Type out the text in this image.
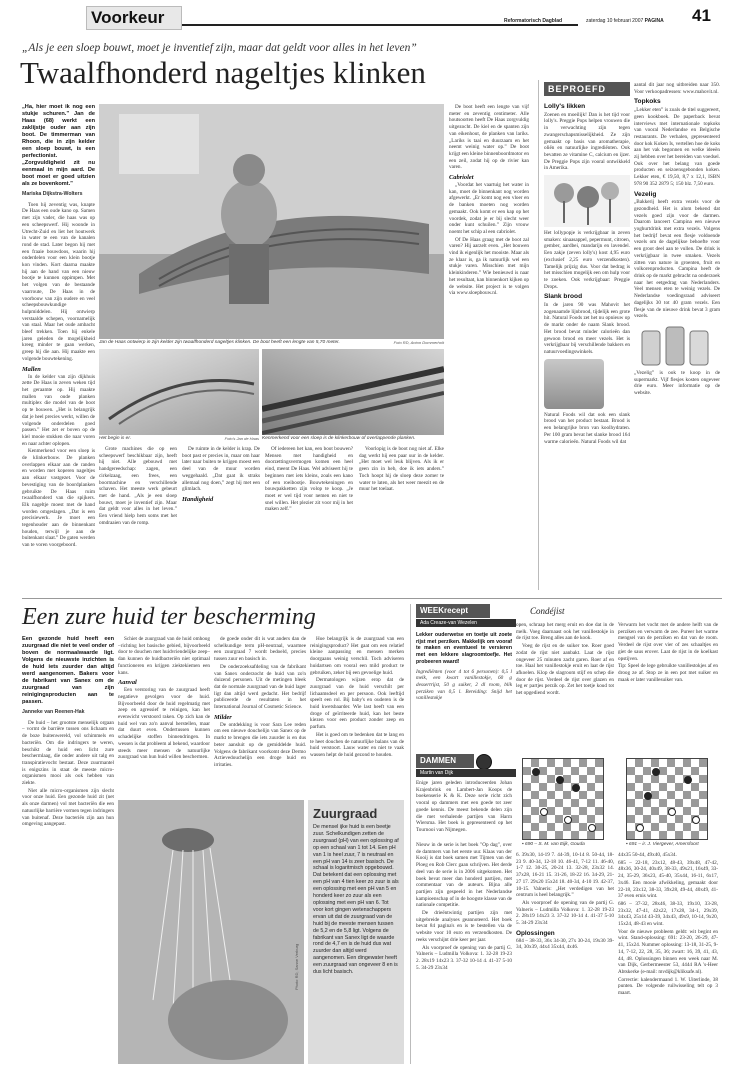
Voorkeur	Reformatorisch Dagblad	zaterdag 10 februari 2007 PAGINA 41
„Als je een sloep bouwt, moet je inventief zijn, maar dat geldt voor alles in het leven”
Twaalfhonderd nageltjes klinken
„Ha, hier moet ik nog een stukje schuren.” Jan de Haas (68) werkt een zaklijstje ouder aan zijn boot. De timmerman van Rhoon, die in zijn kelder een sloep bouwt, is een perfectionist. „Zorgvuldigheid zit nu eenmaal in mijn aard. De boot moet er goed uitzien als ze bovenkomt.”
Mariska Dijkstra-Wolters

Toen hij zeventig was, knapte De Haas een oude kano op. Samen met zijn vader, die haas was op een scheepswerf. Hij woonde in Utrecht-Zuid en liet het houtwerk in water te een van de kanalen rond de stad. Later begon hij met een fraaie bouwdoos, waarin hij onderdelen voor een klein bootje kon vinden. Kort daarna maakte hij aan de hand van een nieuw bootje te kunnen oppimpen. Met het volgen van de bestaande vaarroute, De Haas in de voorbouw van zijn oudere en veel scheepsbouwkundige hulpmiddelen. Hij ontwierp verstaalde schepen, voornamelijk van staal. Maar het oude ambacht bleef trekken. Toen hij enkele jaren geleden de mogelijkheid kreeg minder te gaan werken, greep hij die aan. Hij maakte een volgende bouwtekening.

Mallen

In de kelder van zijn dijkhuis zette De Haas in zeven weken tijd het geraamte op. Hij maakte mallen van oude planken multiplex die model van de boot op te bouwen. „Het is belangrijk dat je heel precies werkt, willen de volgende onderdelen goed passen.” Het zet er boven op de kiel mooie stukken die naar voren en naar achter oplopen.

Kenmerkend voor een sloep is de klinkerbouw. De planken overlappen elkaar aan de randen en worden met koperen nageltjes aan elkaar vastgezet. Voor de bevestiging van de boordplanken gebruikte De Haas ruim twaalfhonderd van die spijkers. Elk nageltje moest met de hand worden omgeslagen. „Dat is een precisiewerk. Je moet een tegenhouder aan de binnenkant houden, terwijl je aan de buitenkant slaat.” De gaten werden van te voren voorgeboord.

Jan de Haas ontwierp in zijn kelder zijn twaalfhonderd nageltjes klinken. De boot heeft een lengte van 5,70 meter.	Foto RD, Anton Dommerholt
Het begin is er.	Foto's Jan de Haas Kenmerkend voor een sloep is de klinkerbouw of overlappende planken.

Grote machines die op een scheepswerf beschikbaar zijn, heeft hij niet. Alle gebouwd met handgereedschap: zagen, een cirkelzaag, een frees, een boormachine en verschillende schaven. Het meeste werk gebeurt met de hand. „Als je een sloep bouwt, moet je inventief zijn. Maar dat geldt voor alles in het leven.” Een vriend hielp hem soms met het omdraaien van de romp.

De ruimte in de kelder is krap. De boot past er precies in, maar om haar later naar buiten te krijgen moest een deel van de muur worden weggehaald. „Dat gaat ik straks allemaal nog doen,” zegt hij met een glimlach.

Handigheid

Of iedereen het kan, een boot bouwen? Mensen met handigheid en doorzettingsvermogen komen een heel eind, meent De Haas. Wel adviseert hij te beginnen met iets kleins, zoals een kano of een roeibootje. Bouwtekeningen en bouwpakketten zijn volop te koop. „Je moet er wel tijd voor nemen en niet te snel willen. Het plezier zit voor mij in het maken zelf.”

Voorlopig is de boot nog niet af. Elke dag werkt hij een paar uur in de kelder. „Het moet wel leuk blijven. Als ik er geen zin in heb, doe ik iets anders.” Toch hoopt hij de sloep deze zomer te water te laten, als het weer meezit en de muur het toelaat.

De boot heeft een lengte van vijf meter en zeventig centimeter. Alle houtsoorten heeft De Haas zorgvuldig uitgezocht. De kiel en de spanten zijn van eikenhout, de planken van lariks. „Lariks is taai en duurzaam en het neemt weinig water op.” De boot krijgt een kleine binnenboordmotor en een zeil, zodat hij op de rivier kan varen.

Cabriolet

„Voordat het vaartuig het water in kan, moet de binnenkant nog worden afgewerkt. „Er komt nog een vloer en de banken moeten nog worden gemaakt. Ook komt er een kap op het voordek, zodat je er bij slecht weer onder kunt schuilen.” Zijn vrouw noemt het schip al een cabriolet.

Of De Haas graag met de boot zal varen? Hij aarzelt even. „Het bouwen vind ik eigenlijk het mooiste. Maar als ze klaar is, ga ik natuurlijk wel een stukje varen. Misschien met mijn kleinkinderen.” Wie benieuwd is naar het resultaat, kan binnenkort kijken op de website. Het project is te volgen via www.sloepbouw.nl.

BEPROEFD
Lolly's likken

Zoenen en moeilijk! Dan is het tijd voor lolly's. Preggie Pops helpen vrouwen die in verwachting zijn tegen zwangerschapsmisselijkheid. Ze zijn gemaakt op basis van aromatherapie, oliën en natuurlijke ingrediënten. Ook bevatten ze vitamine C, calcium en ijzer. De Preggie Pops zijn vooral ontwikkeld in Amerika.

Het lollypopje is verkrijgbaar in zeven smaken: sinaasappel, pepermunt, citroen, gember, aardbei, mandarijn en lavendel. Een zakje (zeven lolly's) kost 4,95 euro (exclusief 2,25 euro verzendkosten). Tamelijk prijzig dus. Voor dat bedrag is het misschien mogelijk een om hulp voor te zoeken. Ook verkrijgbaar: Preggie Drops.

Slank brood

In de jaren 90 was Mahovit het zogenaamde lijnbrood, tijdelijk een grote hit. Natural Foods zet het nu opnieuw op de markt onder de naam Slank brood. Het brood bevat minder calorieën dan gewoon brood en meer vezels. Het is verkrijgbaar bij verschillende bakkers en natuurvoedingswinkels.

Natural Foods wil dat ook een slank brood van het product bestaat. Brood is een belangrijke bron van koolhydraten. Per 100 gram bevat het slanke brood 164 warme calorieën. Natural Foods wil dat

aantal dit jaar nog uitbreiden naar 350. Voor verkoopadressen: www.mahovit.nl.

Topkoks

„Lekker eten” is zoals de titel suggereert, geen kookboek. De paperback bevat interviews met internationale topkoks van vooral Nederlandse en Belgische restaurants. De verhalen, gepresenteerd door kok Koken Is, vertellen hoe de koks aan het vak begonnen en welke ideeën zij hebben over het bereiden van voedsel. Ook over het belang van goede producten en seizoensgebonden koken. Lekker eten, € 19,50, 8,7 x 12,1, ISBN 978 90 352 2879 5; 150 blz. 7,50 euro.

Vezelig

„Bakkerij heeft extra vezels voor de gezondheid. Het is alom bekend dat vezels goed zijn voor de darmen. Daarom lanceert Campina een nieuwe yoghurtdrink met extra vezels. Volgens het bedrijf bevat een flesje voldoende vezels om de dagelijkse behoefte voor een groot deel aan te vullen. De drink is verkrijgbaar in twee smaken. Vezels zitten van nature in groenten, fruit en volkorenproducten. Campina heeft de drink op de markt gebracht na onderzoek naar het eetgedrag van Nederlanders. Veel mensen eten te weinig vezels. De Nederlandse voedingsraad adviseert dagelijks 30 tot 40 gram vezels. Een flesje van de nieuwe drink bevat 3 gram vezels.

„Vezelig” is ook te koop in de supermarkt. Vijf flesjes kosten ongeveer drie euro. Meer informatie op de website.

Een zure huid ter bescherming
Een gezonde huid heeft een zuurgraad die niet te veel onder of boven de normaalwaarde ligt. Volgens de nieuwste inzichten is de huid iets zuurder dan altijd werd aangenomen. Bakers voor de fabrikant van Sanex om de zuurgraad van zijn reinigingsproducten aan te passen.
Janneke van Reenen-Hak

De huid – het grootste menselijk orgaan – vormt de barrière tussen ons lichaam en de boze buitenwereld, vol schimmels en bacteriën. Om die indringers te weren, beschikt de huid een licht zure beschermlaag, die onder andere uit talg en transpiratievocht bestaat. Deze zuurmantel is enigszins in staat de meeste micro-organismen mooi als ook hebben van ziekte.

Niet alle micro-organismen zijn slecht voor onze huid. Een gezonde huid zit (net als onze darmen) vol met bacteriën die een natuurlijke barrière vormen tegen indringers van buitenaf. Deze bacteriën zijn aan hun omgeving aangepast.

Schiet de zuurgraad van de huid omhoog –richting het basische gebied, bijvoorbeeld door te douchen met huidvriendelijke zeep– dan kunnen de huidbacteriën niet optimaal functioneren en krijgen ziektekiemen een kans.

Aanval

Een verstoring van de zuurgraad heeft negatieve gevolgen voor de huid. Bijvoorbeeld door de huid regelmatig met zeep en agressief te reinigen, kan het evenwicht verstoord raken. Op zich kan de huid wel van zo'n aanval herstellen, maar dat duurt even. Ondertussen kunnen schadelijke stoffen binnendringen. In wessen is dat probleem al bekend, waardoor steeds meer mensen de natuurlijke zuurgraad van hun huid willen beschermen.

de goede onder dit is wat anders dan de schelkundige term pH-neutraal, waarmee een zuurgraad 7 wordt bedoeld, precies tussen zuur en basisch in.

De onderzoeksafdeling van de fabrikant van Sanex onderzocht de huid van zo'n duizend personen. Uit de metingen bleek dat de normale zuurgraad van de huid lager ligt dan altijd werd gedacht. Het bedrijf publiceerde de resultaten in het International Journal of Cosmetic Science.

Milder

De ontdekking is voor Sara Lee reden om een nieuwe douchelijn van Sanex op de markt te brengen die iets zuurder is en dus beter aansluit op de gemiddelde huid. Volgens de fabrikant voorkomt deze Dermo Actievedouchelijn een droge huid en irritaties.

Hoe belangrijk is de zuurgraad van een reinigingsproduct? Het gaat om een relatief kleine aanpassing en mensen merken doorgaans weinig verschil. Toch adviseren huidartsen om vooral een mild product te gebruiken, zeker bij een gevoelige huid.

Dermatologen wijzen erop dat de zuurgraad van de huid verschilt per lichaamsdeel en per persoon. Ook leeftijd speelt een rol. Bij baby's en ouderen is de huid kwetsbaarder. Wie last heeft van een droge of geïrriteerde huid, kan het beste kiezen voor een product zonder zeep en parfum.

Het is goed om te bedenken dat te lang en te heet douchen de natuurlijke balans van de huid verstoort. Lauw water en niet te vaak wassen helpt de huid gezond te houden.

Photo RD, Sanne Verburg
Zuurgraad
De mensel ijke huid is een beetje zuur. Schelkundigen zetten de zuurgraad (pH) van een oplossing af op een schaal van 1 tot 14. Een pH van 1 is heel zuur, 7 is neutraal en een pH van 14 is zeer basisch. De schaal is logaritmisch opgebouwd. Dat betekent dat een oplossing met een pH van 4 tien keer zo zuur is als een oplossing met een pH van 5 en honderd keer zo zuur als een oplossing met een pH van 6. Tot voor kort gingen wetenschappers ervan uit dat de zuurgraad van de huid bij de meeste mensen tussen de 5,2 en de 5,8 ligt. Volgens de fabrikant van Sanex ligt de waarde rond de 4,7 en is de huid dus wat zuurder dan altijd werd aangenomen. Een dingewater heeft een zuurgraad van ongeveer 8 en is dus licht basisch.
WEEKrecept
Ada Creaze-van Wezelen
Condéjist
Lekker ouderwetse en toetje uit zoete rijst met perziken. Makkelijk om vooraf te maken en eventueel te versieren met een lekkere slagroomtoefje. Het probeeren waard!

Ingrediënten (voor 4 tot 6 personen): 0,5 l melk, een kwart vanillestokje, 60 g dessertrijst, 50 g suiker, 2 dl room, blik perziken van 0,5 l. Bereiding: Snijd het vanillestokje

open, schraap het merg eruit en doe dat in de melk. Voeg daarnaast ook het vanillestokje in de rijst toe. Breng alles aan de kook.

Voeg de rijst en de suiker toe. Roer goed zodat de rijst niet aanbakt. Laat de rijst ongeveer 25 minuten zacht garen. Roer af en toe. Haal het vanillestokje eruit en laat de rijst afkoelen. Klop de slagroom stijf en schep die door de rijst. Verdeel de rijst over glazen en leg er partjes perzik op. Zet het toetje koud tot het opgediend wordt.

Verwarm het vocht met de andere helft van de perziken en verwarm de zee. Pureer het warme mengsel van de perziken en dat van de room. Verdeel de rijst over vier of zes schaaltjes en giet de saus erover. Laat de rijst in de koelkast opstijven.

Tip: Speel de lege gebruikte vanillestokjes af en droog ze af. Stop ze in een pot met suiker en maak er later vanillesuiker van.

DAMMEN
Martin van Dijk

Enige jaren geleden introduceerden Johan Krajenbrink en Lambert-Jan Koops de boekenserie K & K. Deze serie richt zich vooral op dammers met een goede tot zeer goede kennis. De meest bekende delen zijn die met verhalende partijen van Harm Wiersma. Het boek is gepresenteerd op het Tournooi van Nijmegen.

▪ 690 – S. M. van Eijk, Gouda	▪ 691 – ir. J. Viergever, Amersfoort

Nieuw in de serie is het boek "Op dag", over de dammers van het eerste uur. Klaas van der Kooij is dat boek samen met Tijmen van der Ploeg en Rob Clerc gaan schrijven. Het derde deel van de serie is in 2006 uitgekomen. Het boek bevat meer dan honderd partijen, met commentaar van de auteurs. Bijna alle partijen zijn gespeeld in het Nederlandse kampioenschap of in de hoogste klasse van de nationale competitie.

De drieëntwintig partijen zijn met uitgebreide analyses geannoteerd. Het boek bevat 84 pagina's en is te bestellen via de website voor 10 euro en verzendkosten. De reeks verschijnt drie keer per jaar.

Als voorproef de opening van de partij G. Valneris – Ludmilla Volkova: 1. 32-28 19-23 2. 28x19 14x23 3. 37-32 10-14 4. 41-37 5-10 5. 34-29 23x34

6. 39x30, 14-19 7. 44-39, 10-14 8. 50-44, 18-23 9. 40-34, 12-18 10. 46-41, 7-12 11. 46-40, 1-7 12. 30-25, 20-24 13. 32-28, 23x32 14. 37x28, 16-21 15. 31-26, 18-22 16. 34-29, 21-27 17. 29x20 15x24 18. 40-34, 4-10 19. 42-37, 10-15. Valneris: „Het verdedigen van het centrum is heel belangrijk.”

Als voorproef de opening van de partij G. Valneris – Ludmilla Volkova: 1. 32-28 19-23 2. 28x19 14x23 3. 37-32 10-14 4. 41-37 5-10 5. 34-29 23x34

Oplossingen

684 – 38-33, 36x 34-30, 27x 30-24, 19x30 39-34, 30x39, 44x4 35x44, 4x46.

44x35 50-44, 49x40, 45x34.

685 – 22-18, 23x12, 48-43, 39x48, 47-42, 48x36, 30-24, 40x49, 38-33, 49x21, 16x49, 33-24, 35-29, 36x23, 45-40, 35x44, 16-11, 6x17, 3x46. Een mooie afwikkeling, gemaakt door 22-18, 23x12, 38-33, 39x28, 49-44, 40x49, 41-37 even ernis wint.

686 – 37-32, 28x46, 38-33, 19x10, 33-28, 23x32, 47-41, 42x22, 17x28, 34-1, 29x39, 34x43, 25x14 43-39, 34x43, 49x9, 10-14, 9x20, 15x24, 48-43 en wint.

Voor de nieuwe probleem geldt: wit begint en wint. Stand-oplossing: 691: 23-20, 26-29, 47-41, 15x24. Nummer oplossing: 13-18, 31-25, 9-14, 7-12, 22, 28, 35, 36; zwart: 16, 39, 41, 43, 44, 48. Oplossingen binnen een week naar M. van Dijk, Gerbermeester 53, 4444 RA 's-Heer Abtskerke (e-mail: mvdijk@kliksafe.nl).

Correctie: kalendermaand 1. W. Uiterlinde, 38 punten. De volgende ruilwisseling telt op 3 maart.
